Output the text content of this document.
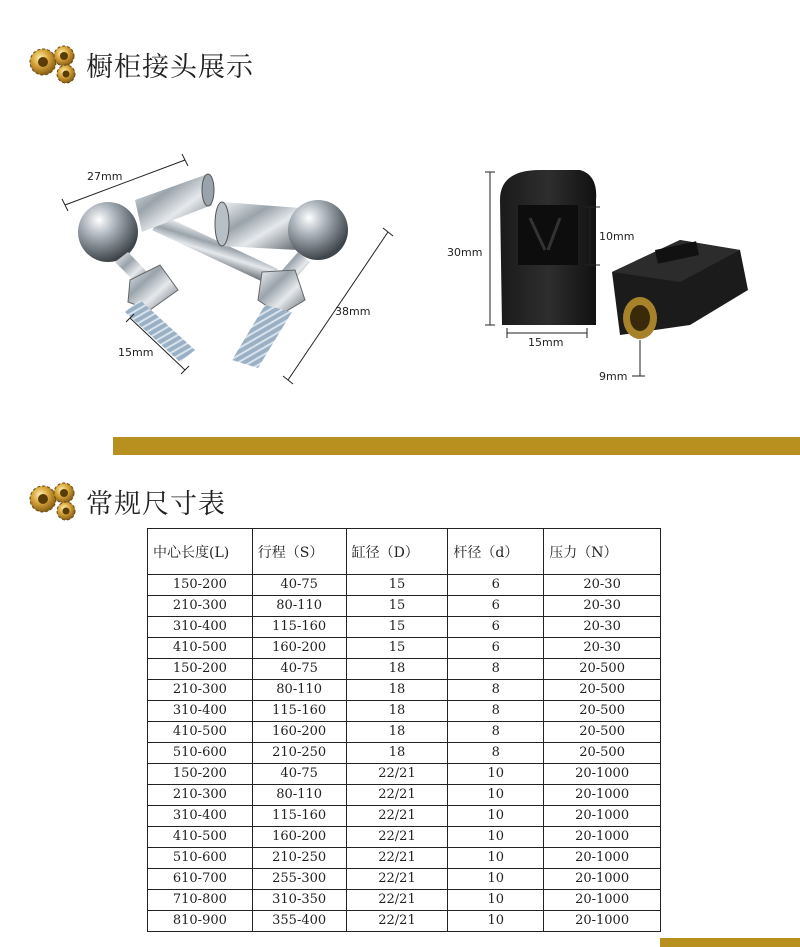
橱柜接头展示
27mm
38mm
15mm
30mm
10mm
15mm
9mm
常规尺寸表
中心长度(L)	行程（S）	缸径（D）	杆径（d）	压力（N）
150-200	40-75	15	6	20-30
210-300	80-110	15	6	20-30
310-400	115-160	15	6	20-30
410-500	160-200	15	6	20-30
150-200	40-75	18	8	20-500
210-300	80-110	18	8	20-500
310-400	115-160	18	8	20-500
410-500	160-200	18	8	20-500
510-600	210-250	18	8	20-500
150-200	40-75	22/21	10	20-1000
210-300	80-110	22/21	10	20-1000
310-400	115-160	22/21	10	20-1000
410-500	160-200	22/21	10	20-1000
510-600	210-250	22/21	10	20-1000
610-700	255-300	22/21	10	20-1000
710-800	310-350	22/21	10	20-1000
810-900	355-400	22/21	10	20-1000
